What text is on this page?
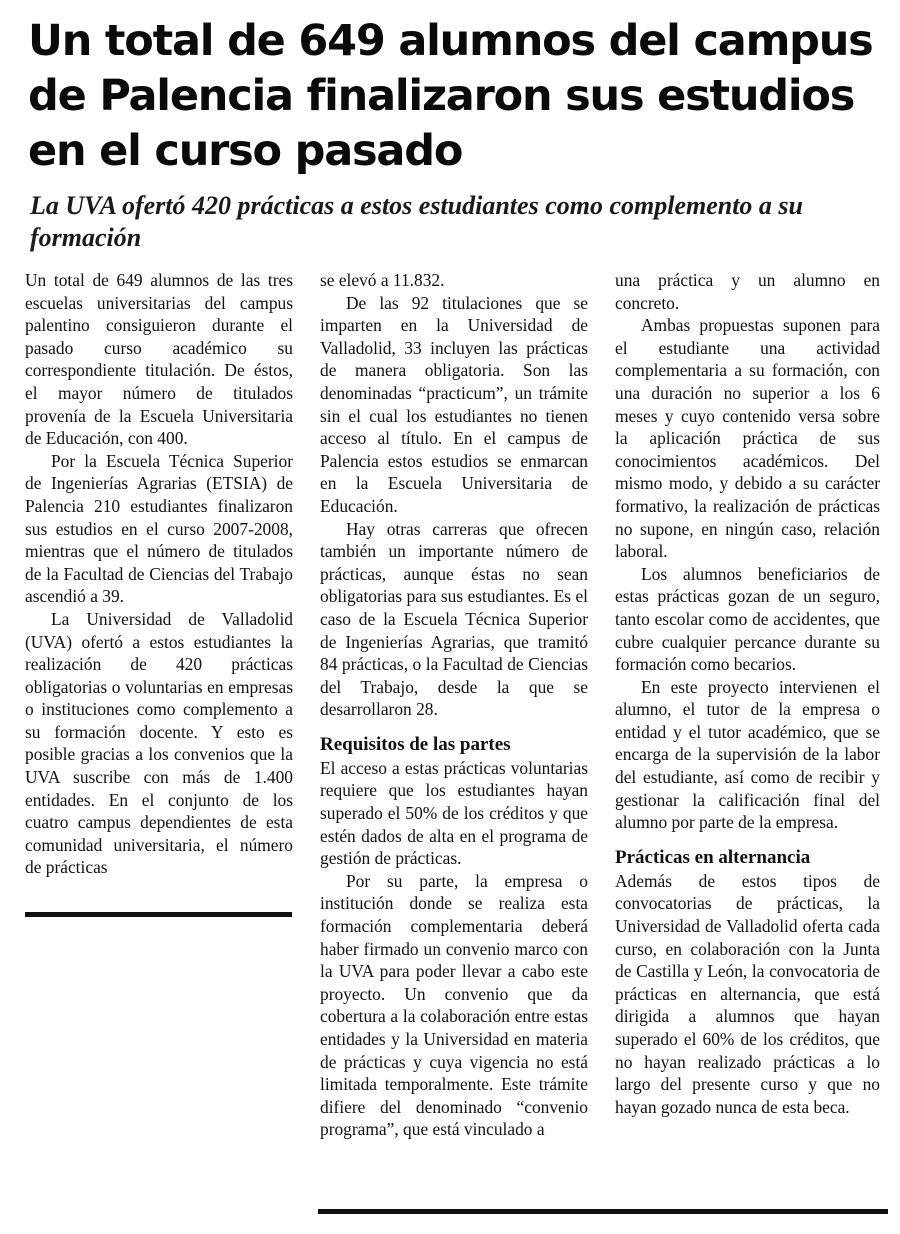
Un total de 649 alumnos del campus de Palencia finalizaron sus estudios en el curso pasado
La UVA ofertó 420 prácticas a estos estudiantes como complemento a su formación

Un total de 649 alumnos de las tres escuelas universitarias del campus palentino consiguieron durante el pasado curso académico su correspondiente titulación. De éstos, el mayor número de titulados provenía de la Escuela Universitaria de Educación, con 400.

Por la Escuela Técnica Superior de Ingenierías Agrarias (ETSIA) de Palencia 210 estudiantes finalizaron sus estudios en el curso 2007-2008, mientras que el número de titulados de la Facultad de Ciencias del Trabajo ascendió a 39.

La Universidad de Valladolid (UVA) ofertó a estos estudiantes la realización de 420 prácticas obligatorias o voluntarias en empresas o instituciones como complemento a su formación docente. Y esto es posible gracias a los convenios que la UVA suscribe con más de 1.400 entidades. En el conjunto de los cuatro campus dependientes de esta comunidad universitaria, el número de prácticas

se elevó a 11.832.

De las 92 titulaciones que se imparten en la Universidad de Valladolid, 33 incluyen las prácticas de manera obligatoria. Son las denominadas “practicum”, un trámite sin el cual los estudiantes no tienen acceso al título. En el campus de Palencia estos estudios se enmarcan en la Escuela Universitaria de Educación.

Hay otras carreras que ofrecen también un importante número de prácticas, aunque éstas no sean obligatorias para sus estudiantes. Es el caso de la Escuela Técnica Superior de Ingenierías Agrarias, que tramitó 84 prácticas, o la Facultad de Ciencias del Trabajo, desde la que se desarrollaron 28.

Requisitos de las partes

El acceso a estas prácticas voluntarias requiere que los estudiantes hayan superado el 50% de los créditos y que estén dados de alta en el programa de gestión de prácticas.

Por su parte, la empresa o institución donde se realiza esta formación complementaria deberá haber firmado un convenio marco con la UVA para poder llevar a cabo este proyecto. Un convenio que da cobertura a la colaboración entre estas entidades y la Universidad en materia de prácticas y cuya vigencia no está limitada temporalmente. Este trámite difiere del denominado “convenio programa”, que está vinculado a

una práctica y un alumno en concreto.

Ambas propuestas suponen para el estudiante una actividad complementaria a su formación, con una duración no superior a los 6 meses y cuyo contenido versa sobre la aplicación práctica de sus conocimientos académicos. Del mismo modo, y debido a su carácter formativo, la realización de prácticas no supone, en ningún caso, relación laboral.

Los alumnos beneficiarios de estas prácticas gozan de un seguro, tanto escolar como de accidentes, que cubre cualquier percance durante su formación como becarios.

En este proyecto intervienen el alumno, el tutor de la empresa o entidad y el tutor académico, que se encarga de la supervisión de la labor del estudiante, así como de recibir y gestionar la calificación final del alumno por parte de la empresa.

Prácticas en alternancia

Además de estos tipos de convocatorias de prácticas, la Universidad de Valladolid oferta cada curso, en colaboración con la Junta de Castilla y León, la convocatoria de prácticas en alternancia, que está dirigida a alumnos que hayan superado el 60% de los créditos, que no hayan realizado prácticas a lo largo del presente curso y que no hayan gozado nunca de esta beca.
